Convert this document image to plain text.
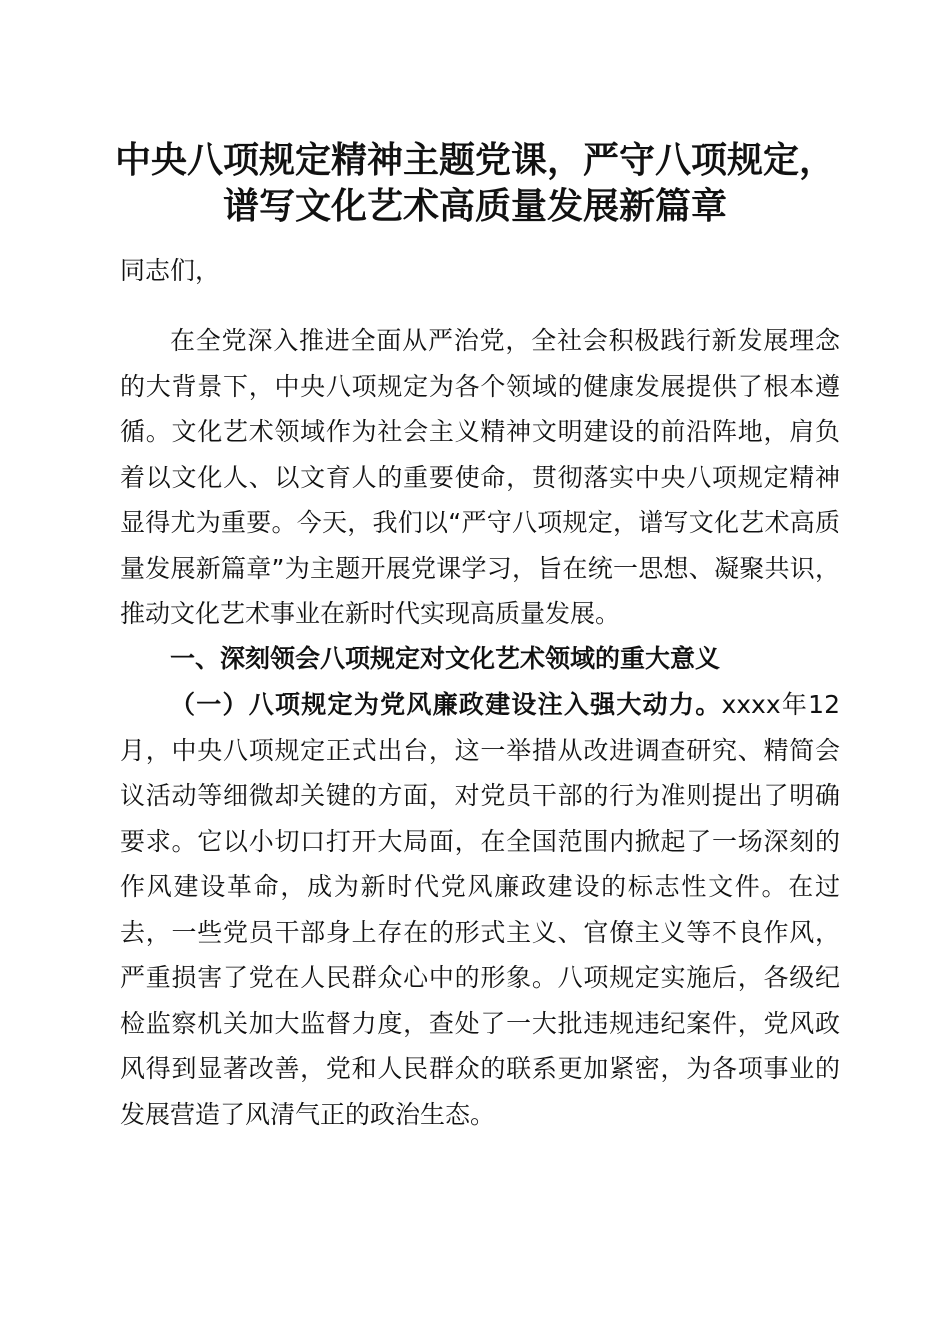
中央八项规定精神主题党课，严守八项规定，
谱写文化艺术高质量发展新篇章
同志们，
在全党深入推进全面从严治党，全社会积极践行新发展理念的大背景下，中央八项规定为各个领域的健康发展提供了根本遵循。文化艺术领域作为社会主义精神文明建设的前沿阵地，肩负着以文化人、以文育人的重要使命，贯彻落实中央八项规定精神显得尤为重要。今天，我们以“严守八项规定，谱写文化艺术高质量发展新篇章”为主题开展党课学习，旨在统一思想、凝聚共识，推动文化艺术事业在新时代实现高质量发展。
一、深刻领会八项规定对文化艺术领域的重大意义
（一）八项规定为党风廉政建设注入强大动力。xxxx年12月，中央八项规定正式出台，这一举措从改进调查研究、精简会议活动等细微却关键的方面，对党员干部的行为准则提出了明确要求。它以小切口打开大局面，在全国范围内掀起了一场深刻的作风建设革命，成为新时代党风廉政建设的标志性文件。在过去，一些党员干部身上存在的形式主义、官僚主义等不良作风，严重损害了党在人民群众心中的形象。八项规定实施后，各级纪检监察机关加大监督力度，查处了一大批违规违纪案件，党风政风得到显著改善，党和人民群众的联系更加紧密，为各项事业的发展营造了风清气正的政治生态。
